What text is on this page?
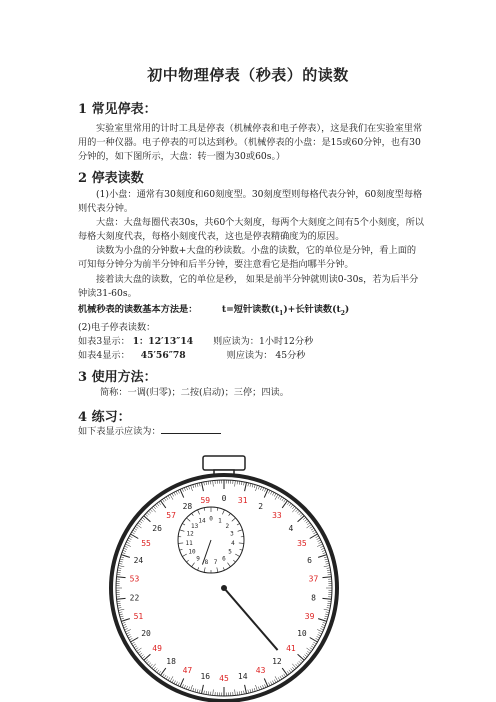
初中物理停表（秒表）的读数
1 常见停表：
实验室里常用的计时工具是停表（机械停表和电子停表），这是我们在实验室里常用的一种仪器。电子停表的可以达到秒。（机械停表的小盘：是15或60分钟，也有30分钟的，如下图所示，大盘：转一圈为30或60s。）
2 停表读数
(1)小盘：通常有30刻度和60刻度型。30刻度型则每格代表分钟，60刻度型每格则代表分钟。
大盘：大盘每圈代表30s，共60个大刻度，每两个大刻度之间有5个小刻度，所以每格大刻度代表，每格小刻度代表，这也是停表精确度为的原因。
读数为小盘的分钟数+大盘的秒读数。小盘的读数，它的单位是分钟，看上面的可知每分钟分为前半分钟和后半分钟，要注意看它是指向哪半分钟。
接着读大盘的读数，它的单位是秒， 如果是前半分钟就则读0-30s，若为后半分钟读31-60s。
机械秒表的读数基本方法是：	t=短针读数$(t_1)+$长针读数$(t_2)$
(2)电子停表读数：
如表3显示： 1：12′13″14 则应读为：1小时12分秒
如表4显示： 45′56″78	则应读为： 45分秒
3 使用方法：
简称：一调(归零)；二按(启动)；三停；四读。
4 练习：
如下表显示应读为：
0
2
4
6
8
10
12
14
16
18
20
22
24
26
28
31
33
35
37
39
41
43
45
47
49
51
53
55
57
59
0 1
2
3
4
5
6
7
8
9
10
11
12
13
14
